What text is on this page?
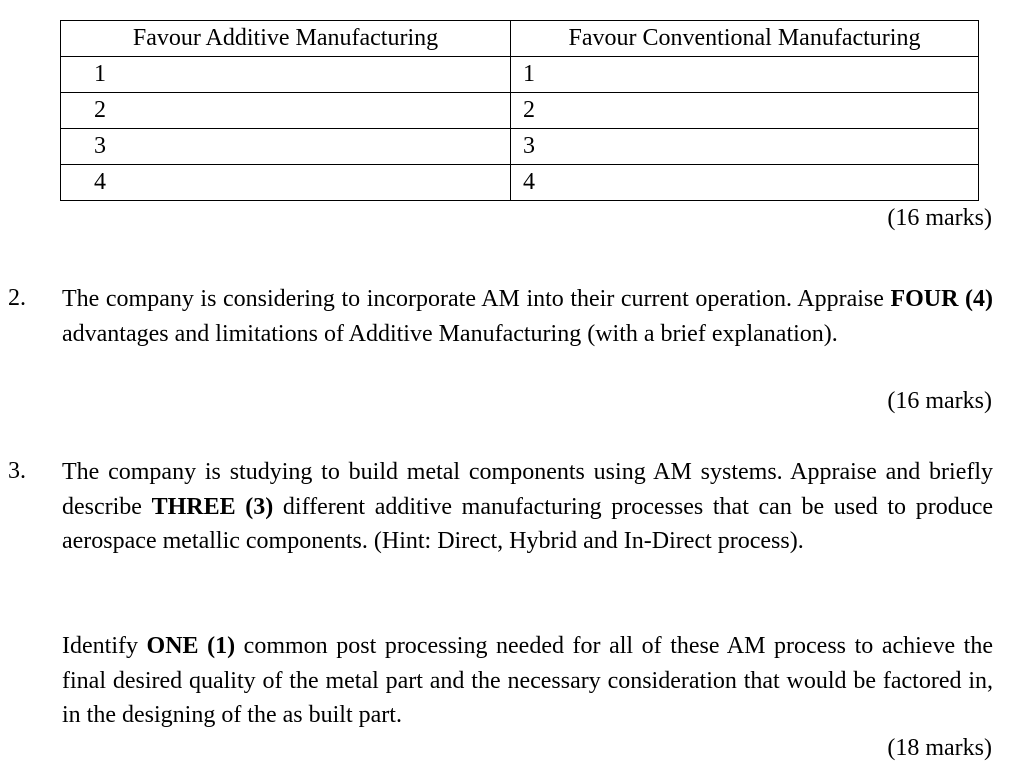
Favour Additive Manufacturing	Favour Conventional Manufacturing
1	1
2	2
3	3
4	4
(16 marks)
2. The company is considering to incorporate AM into their current operation. Appraise FOUR (4) advantages and limitations of Additive Manufacturing (with a brief explanation).
(16 marks)
3. The company is studying to build metal components using AM systems. Appraise and briefly describe THREE (3) different additive manufacturing processes that can be used to produce aerospace metallic components. (Hint: Direct, Hybrid and In-Direct process).
Identify ONE (1) common post processing needed for all of these AM process to achieve the final desired quality of the metal part and the necessary consideration that would be factored in, in the designing of the as built part.
(18 marks)
